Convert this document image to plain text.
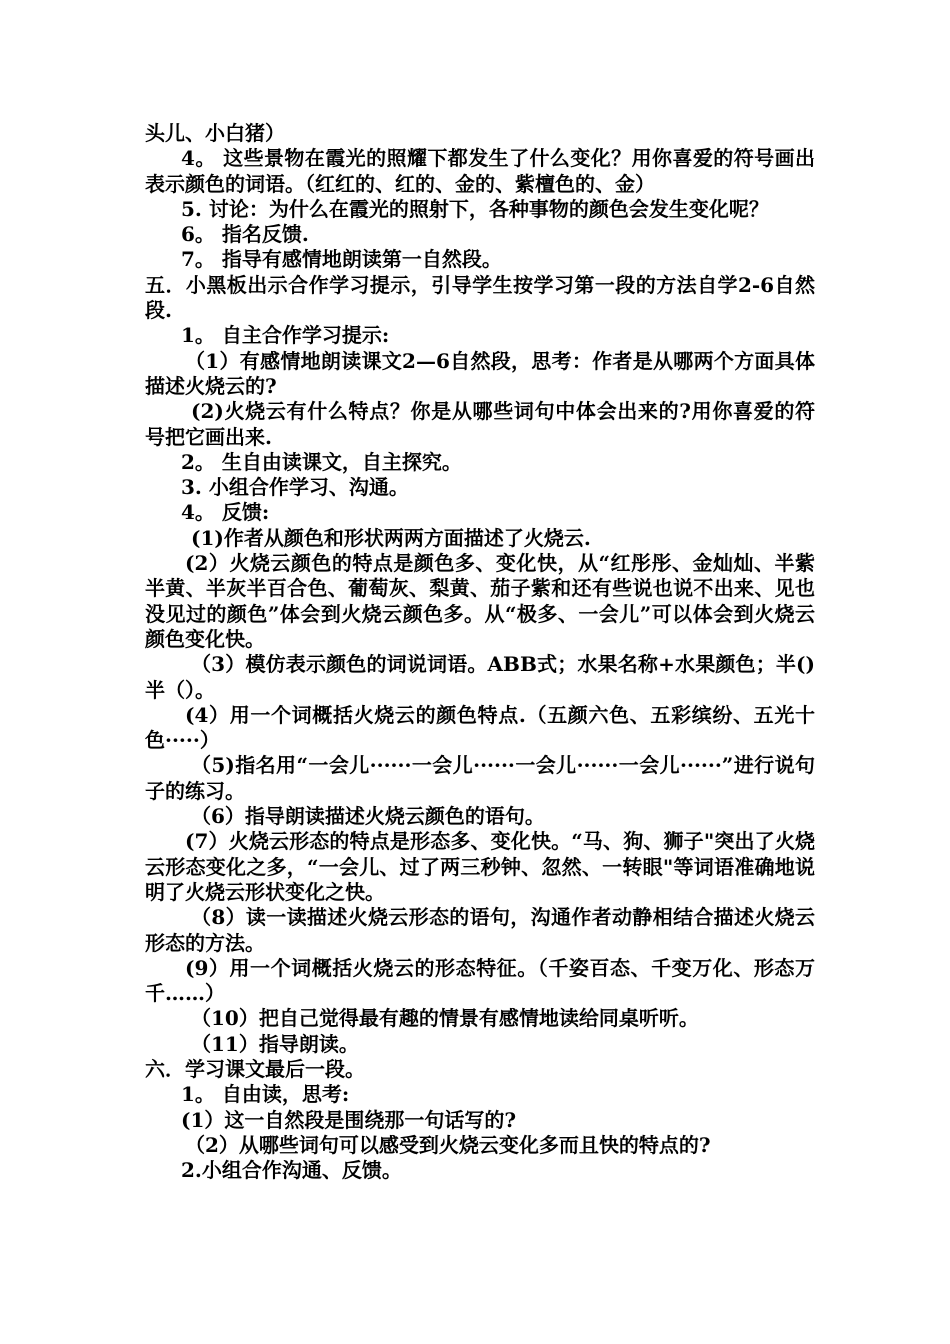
头儿、小白猪）

4。 这些景物在霞光的照耀下都发生了什么变化？用你喜爱的符号画出表示颜色的词语。（红红的、红的、金的、紫檀色的、金）

5. 讨论：为什么在霞光的照射下，各种事物的颜色会发生变化呢？

6。 指名反馈.

7。 指导有感情地朗读第一自然段。

五．小黑板出示合作学习提示，引导学生按学习第一段的方法自学2-6自然段.

1。 自主合作学习提示:

（1）有感情地朗读课文2—6自然段，思考：作者是从哪两个方面具体描述火烧云的?

(2)火烧云有什么特点？你是从哪些词句中体会出来的?用你喜爱的符号把它画出来.

2。 生自由读课文，自主探究。

3. 小组合作学习、沟通。

4。 反馈:

(1)作者从颜色和形状两两方面描述了火烧云.

(2）火烧云颜色的特点是颜色多、变化快，从“红彤彤、金灿灿、半紫半黄、半灰半百合色、葡萄灰、梨黄、茄子紫和还有些说也说不出来、见也没见过的颜色”体会到火烧云颜色多。从“极多、一会儿”可以体会到火烧云颜色变化快。

（3）模仿表示颜色的词说词语。ABB式；水果名称+水果颜色；半()半（）。

(4）用一个词概括火烧云的颜色特点.（五颜六色、五彩缤纷、五光十色·····）

（5)指名用“一会儿······一会儿······一会儿······一会儿······”进行说句子的练习。

（6）指导朗读描述火烧云颜色的语句。

(7）火烧云形态的特点是形态多、变化快。“马、狗、狮子"突出了火烧云形态变化之多，“一会儿、过了两三秒钟、忽然、一转眼"等词语准确地说明了火烧云形状变化之快。

（8）读一读描述火烧云形态的语句，沟通作者动静相结合描述火烧云形态的方法。

(9）用一个词概括火烧云的形态特征。（千姿百态、千变万化、形态万千……）

（10）把自己觉得最有趣的情景有感情地读给同桌听听。

（11）指导朗读。

六．学习课文最后一段。

1。 自由读，思考:

(1）这一自然段是围绕那一句话写的?

（2）从哪些词句可以感受到火烧云变化多而且快的特点的?

2.小组合作沟通、反馈。
